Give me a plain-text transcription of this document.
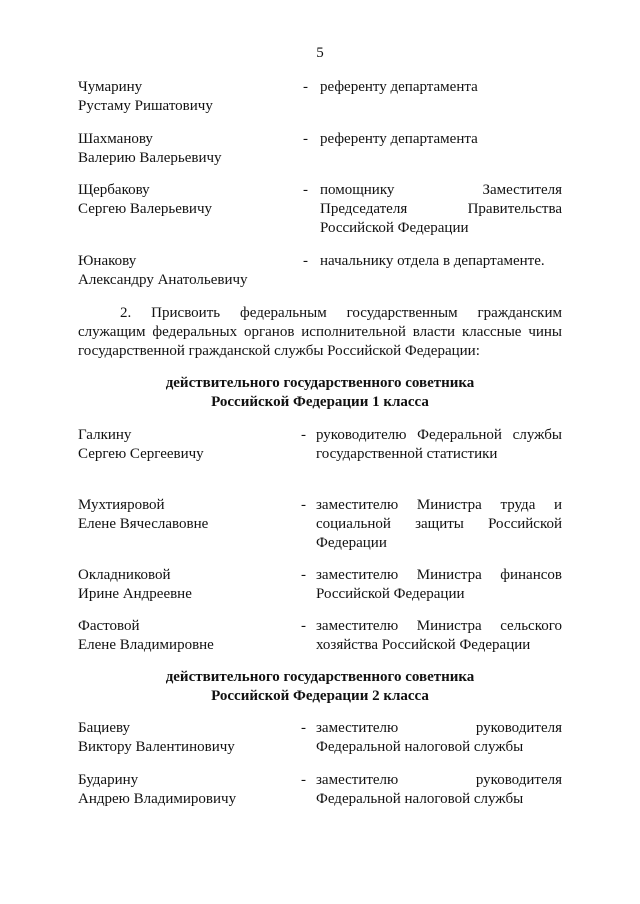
5
Чумарину
Рустаму Ришатовичу
- референту департамента
Шахманову
Валерию Валерьевичу
- референту департамента
Щербакову
Сергею Валерьевичу
- помощнику Заместителя Председателя Правительства Российской Федерации
Юнакову
Александру Анатольевичу
- начальнику отдела в департаменте.
2. Присвоить федеральным государственным гражданским служащим федеральных органов исполнительной власти классные чины государственной гражданской службы Российской Федерации:
действительного государственного советника
Российской Федерации 1 класса
Галкину
Сергею Сергеевичу
- руководителю Федеральной службы государственной статистики
Мухтияровой
Елене Вячеславовне
- заместителю Министра труда и социальной защиты Российской Федерации
Окладниковой
Ирине Андреевне
- заместителю Министра финансов Российской Федерации
Фастовой
Елене Владимировне
- заместителю Министра сельского хозяйства Российской Федерации
действительного государственного советника
Российской Федерации 2 класса
Бациеву
Виктору Валентиновичу
- заместителю руководителя Федеральной налоговой службы
Бударину
Андрею Владимировичу
- заместителю руководителя Федеральной налоговой службы
